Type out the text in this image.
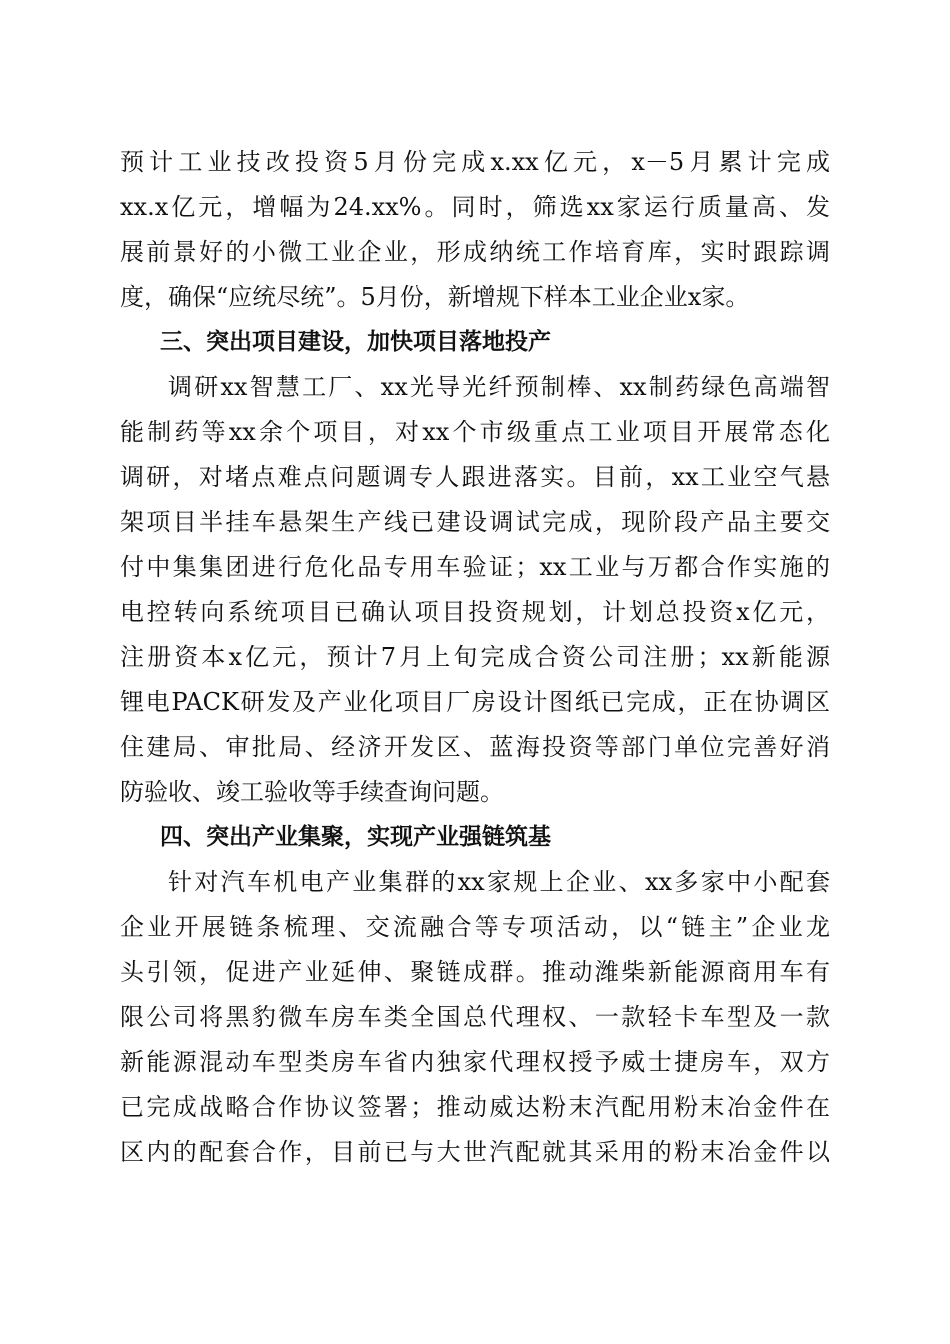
预计工业技改投资5月份完成x.xx亿元，x－5月累计完成
xx.x亿元，增幅为24.xx%。同时，筛选xx家运行质量高、发
展前景好的小微工业企业，形成纳统工作培育库，实时跟踪调
度，确保“应统尽统”。5月份，新增规下样本工业企业x家。
三、突出项目建设，加快项目落地投产
调研xx智慧工厂、xx光导光纤预制棒、xx制药绿色高端智
能制药等xx余个项目，对xx个市级重点工业项目开展常态化
调研，对堵点难点问题调专人跟进落实。目前，xx工业空气悬
架项目半挂车悬架生产线已建设调试完成，现阶段产品主要交
付中集集团进行危化品专用车验证；xx工业与万都合作实施的
电控转向系统项目已确认项目投资规划，计划总投资x亿元，
注册资本x亿元，预计7月上旬完成合资公司注册；xx新能源
锂电PACK研发及产业化项目厂房设计图纸已完成，正在协调区
住建局、审批局、经济开发区、蓝海投资等部门单位完善好消
防验收、竣工验收等手续查询问题。
四、突出产业集聚，实现产业强链筑基
针对汽车机电产业集群的xx家规上企业、xx多家中小配套
企业开展链条梳理、交流融合等专项活动，以“链主”企业龙
头引领，促进产业延伸、聚链成群。推动潍柴新能源商用车有
限公司将黑豹微车房车类全国总代理权、一款轻卡车型及一款
新能源混动车型类房车省内独家代理权授予威士捷房车，双方
已完成战略合作协议签署；推动威达粉末汽配用粉末冶金件在
区内的配套合作，目前已与大世汽配就其采用的粉末冶金件以
